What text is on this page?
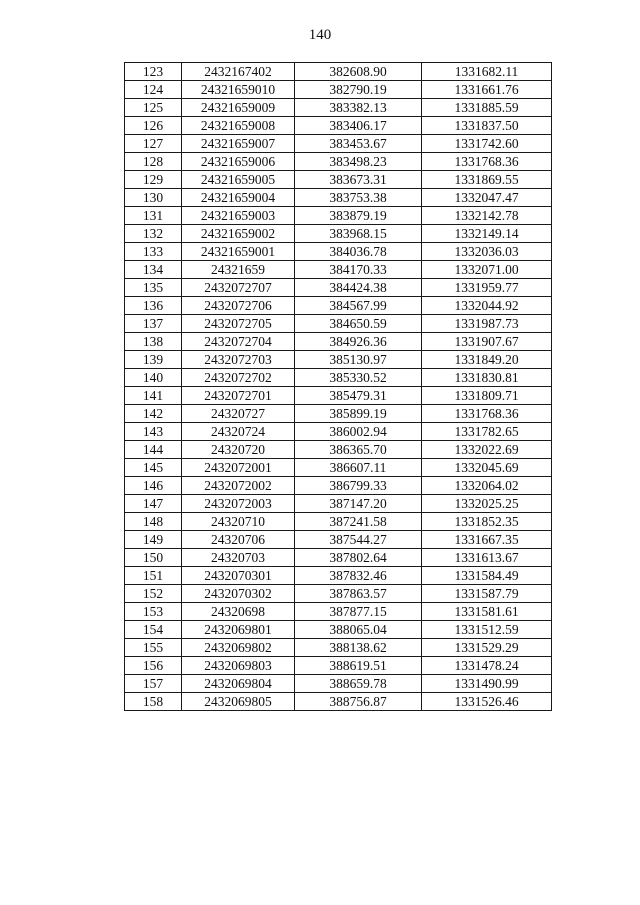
140
123	2432167402	382608.90	1331682.11
124	24321659010	382790.19	1331661.76
125	24321659009	383382.13	1331885.59
126	24321659008	383406.17	1331837.50
127	24321659007	383453.67	1331742.60
128	24321659006	383498.23	1331768.36
129	24321659005	383673.31	1331869.55
130	24321659004	383753.38	1332047.47
131	24321659003	383879.19	1332142.78
132	24321659002	383968.15	1332149.14
133	24321659001	384036.78	1332036.03
134	24321659	384170.33	1332071.00
135	2432072707	384424.38	1331959.77
136	2432072706	384567.99	1332044.92
137	2432072705	384650.59	1331987.73
138	2432072704	384926.36	1331907.67
139	2432072703	385130.97	1331849.20
140	2432072702	385330.52	1331830.81
141	2432072701	385479.31	1331809.71
142	24320727	385899.19	1331768.36
143	24320724	386002.94	1331782.65
144	24320720	386365.70	1332022.69
145	2432072001	386607.11	1332045.69
146	2432072002	386799.33	1332064.02
147	2432072003	387147.20	1332025.25
148	24320710	387241.58	1331852.35
149	24320706	387544.27	1331667.35
150	24320703	387802.64	1331613.67
151	2432070301	387832.46	1331584.49
152	2432070302	387863.57	1331587.79
153	24320698	387877.15	1331581.61
154	2432069801	388065.04	1331512.59
155	2432069802	388138.62	1331529.29
156	2432069803	388619.51	1331478.24
157	2432069804	388659.78	1331490.99
158	2432069805	388756.87	1331526.46
